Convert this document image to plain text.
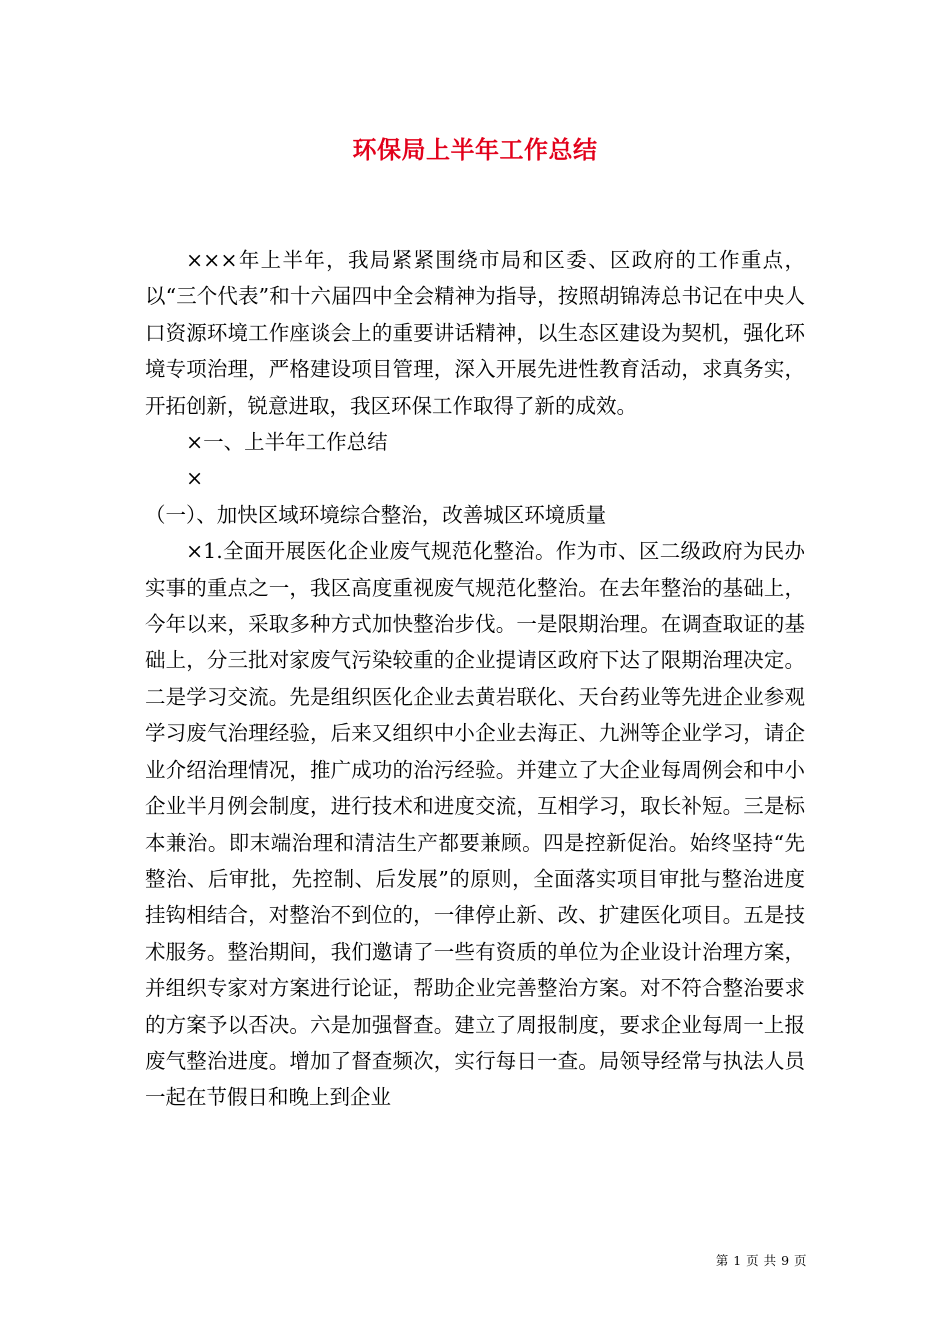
环保局上半年工作总结

×××年上半年，我局紧紧围绕市局和区委、区政府的工作重点，以“三个代表”和十六届四中全会精神为指导，按照胡锦涛总书记在中央人口资源环境工作座谈会上的重要讲话精神，以生态区建设为契机，强化环境专项治理，严格建设项目管理，深入开展先进性教育活动，求真务实，开拓创新，锐意进取，我区环保工作取得了新的成效。

×一、上半年工作总结

×

（一）、加快区域环境综合整治，改善城区环境质量

×1.全面开展医化企业废气规范化整治。作为市、区二级政府为民办实事的重点之一，我区高度重视废气规范化整治。在去年整治的基础上，今年以来，采取多种方式加快整治步伐。一是限期治理。在调查取证的基础上，分三批对家废气污染较重的企业提请区政府下达了限期治理决定。二是学习交流。先是组织医化企业去黄岩联化、天台药业等先进企业参观学习废气治理经验，后来又组织中小企业去海正、九洲等企业学习，请企业介绍治理情况，推广成功的治污经验。并建立了大企业每周例会和中小企业半月例会制度，进行技术和进度交流，互相学习，取长补短。三是标本兼治。即末端治理和清洁生产都要兼顾。四是控新促治。始终坚持“先整治、后审批，先控制、后发展”的原则，全面落实项目审批与整治进度挂钩相结合，对整治不到位的，一律停止新、改、扩建医化项目。五是技术服务。整治期间，我们邀请了一些有资质的单位为企业设计治理方案，并组织专家对方案进行论证，帮助企业完善整治方案。对不符合整治要求的方案予以否决。六是加强督查。建立了周报制度，要求企业每周一上报废气整治进度。增加了督查频次，实行每日一查。局领导经常与执法人员一起在节假日和晚上到企业

第 1 页 共 9 页
